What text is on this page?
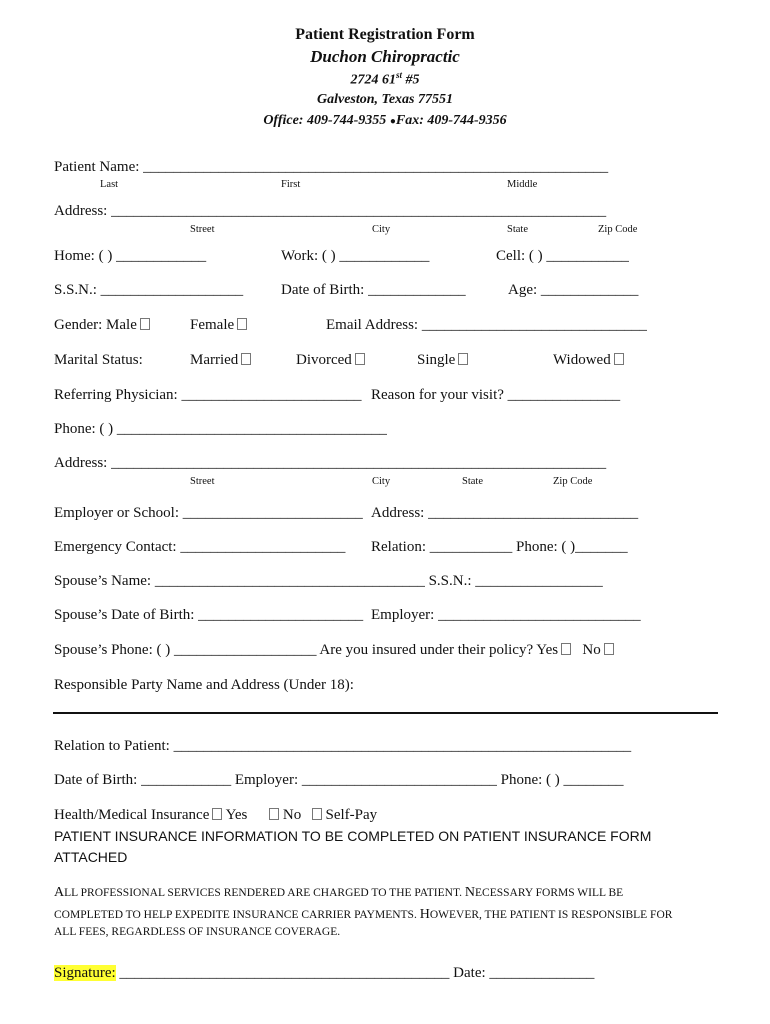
Patient Registration Form
Duchon Chiropractic
2724 61st #5
Galveston, Texas 77551
Office: 409-744-9355 ●Fax: 409-744-9356
Patient Name: ______________________________________________________________
Last	First	Middle
Address: __________________________________________________________________
Street	City	State	Zip Code
Home: ( ) ____________	Work: ( ) ____________	Cell: ( ) ___________
S.S.N.: ___________________	Date of Birth: _____________	Age: _____________
Gender: Male	Female	Email Address: ______________________________
Marital Status:	Married	Divorced	Single	Widowed
Referring Physician: ________________________ Reason for your visit? _______________
Phone: ( ) ____________________________________
Address: __________________________________________________________________
Street	City	State	Zip Code
Employer or School: ________________________ Address: ____________________________
Emergency Contact: ______________________ Relation: ___________ Phone: ( )_______
Spouse’s Name: ____________________________________ S.S.N.: _________________
Spouse’s Date of Birth: ______________________ Employer: ___________________________
Spouse’s Phone: ( ) ___________________ Are you insured under their policy? Yes No
Responsible Party Name and Address (Under 18):
Relation to Patient: _____________________________________________________________
Date of Birth: ____________ Employer: __________________________ Phone: ( ) ________
Health/Medical Insurance Yes No Self-Pay
PATIENT INSURANCE INFORMATION TO BE COMPLETED ON PATIENT INSURANCE FORM
ATTACHED
ALL PROFESSIONAL SERVICES RENDERED ARE CHARGED TO THE PATIENT. NECESSARY FORMS WILL BE
COMPLETED TO HELP EXPEDITE INSURANCE CARRIER PAYMENTS. HOWEVER, THE PATIENT IS RESPONSIBLE FOR
ALL FEES, REGARDLESS OF INSURANCE COVERAGE.
Signature: ____________________________________________ Date: ______________
